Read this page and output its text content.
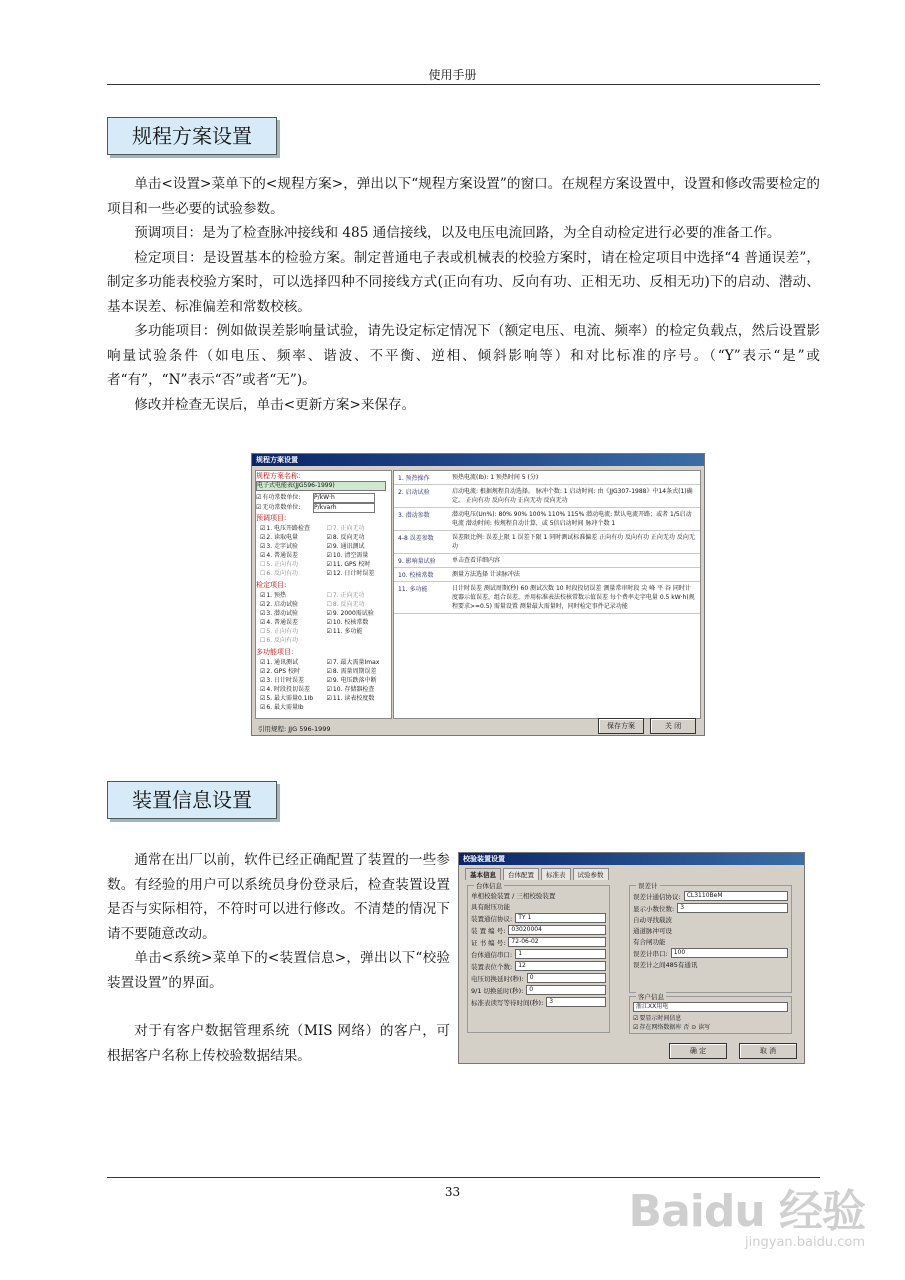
使用手册
规程方案设置

单击<设置>菜单下的<规程方案>，弹出以下“规程方案设置”的窗口。在规程方案设置中，设置和修改需要检定的项目和一些必要的试验参数。

预调项目：是为了检查脉冲接线和 485 通信接线，以及电压电流回路，为全自动检定进行必要的准备工作。

检定项目：是设置基本的检验方案。制定普通电子表或机械表的校验方案时，请在检定项目中选择“4 普通误差”，制定多功能表校验方案时，可以选择四种不同接线方式(正向有功、反向有功、正相无功、反相无功)下的启动、潜动、基本误差、标准偏差和常数校核。

多功能项目：例如做误差影响量试验，请先设定标定情况下（额定电压、电流、频率）的检定负载点，然后设置影响量试验条件（如电压、频率、谐波、不平衡、逆相、倾斜影响等）和对比标准的序号。（“Y”表示“是”或者“有”，“N”表示“否”或者“无”)。

修改并检查无误后，单击<更新方案>来保存。

规程方案设置
规程方案名称:
电子式电能表(JJG596-1999)
☑ 有功常数单位:	P/kW·h
☑ 无功常数单位:	P/kvarh
预调项目:
☑ 1. 电压开路检查	☐ 7. 正向无功
☑ 2. 读取电量	☑ 8. 反向无功
☑ 3. 走字试验	☑ 9. 通讯测试
☑ 4. 普通误差	☑ 10. 清空需量
☐ 5. 正向有功	☑ 11. GPS 校时
☐ 6. 反向有功	☑ 12. 日计时误差
检定项目:
☑ 1. 预热	☐ 7. 正向无功
☑ 2. 启动试验	☐ 8. 反向无功
☑ 3. 潜动试验	☑ 9. 2000需试验
☑ 4. 普通误差	☑ 10. 校核常数
☐ 5. 正向有功	☑ 11. 多功能
☐ 6. 反向有功
多功能项目:
☑ 1. 通讯测试	☑ 7. 最大需量Imax
☑ 2. GPS 校时	☑ 8. 需量周期误差
☑ 3. 日计时误差	☑ 9. 电压跌落中断
☑ 4. 时段投切误差	☑ 10. 存储器检查
☑ 5. 最大需量0.1Ib	☑ 11. 读表校度数
☑ 6. 最大需量Ib
1. 预热操作	预热电流(Ib): 1 预热时间 5 (分)
2. 启动试验	启动电流: 根据规程自动选择。 脉冲个数: 1 启动时间: 由《JJG307-1988》中14条式(1)确定。 正向有功 反向有功 正向无功 反向无功
3. 潜动参数	潜动电压(Un%): 80% 90% 100% 110% 115% 潜动电流: 默认电流开路；或者 1/5启动电流 潜动时间: 按规程自动计算，或 5倍启动时间 脉冲个数 1
4-8 误差参数	误差限比例: 误差上限 1 误差下限 1 同时测试标准偏差 正向有功 反向有功 正向无功 反向无功
9. 影响量试验	单击查看详细内容
10. 校核常数	测量方法选择 计读脉冲法
11. 多功能	日计时误差 测试周期(秒) 60 测试次数 10 时段投切误差 测量常审时段 尖 峰 平 谷 同时计度器示值误差，组合误差，并用标准表法校核常数示值误差 每个费率走字电量 0.5 kW·h(规程要求>=0.5) 需量设置 测量最大需量时，同时检定事件记录功能
引用规程: JJG 596-1999	保存方案	关 闭
装置信息设置

通常在出厂以前，软件已经正确配置了装置的一些参数。有经验的用户可以系统员身份登录后，检查装置设置是否与实际相符，不符时可以进行修改。不清楚的情况下请不要随意改动。

单击<系统>菜单下的<装置信息>，弹出以下“校验装置设置”的界面。

对于有客户数据管理系统（MIS 网络）的客户，可根据客户名称上传校验数据结果。

校验装置设置
基本信息	台体配置	标准表	试验参数
台体信息
单相校验装置 / 三相校验装置
具有耐压功能
装置通信协议:	TY 1
装 置 编 号:	03020004
证 书 编 号:	72-06-02
台体通信串口:	1
装置表位个数:	12
电压切换延时(秒):	0
9/1 切换延时(秒):	0
标准表读写等待时间(秒):	3
误差计
误差计通信协议:	CL3110BeM
显示小数位数:	3
自动寻找载波
通道脉冲可设
有合闸功能
误差计串口:	100
误差计之间485有通讯
客户信息
浙江XX用电
☑ 要显示时间信息
☑ 存在网络数据库 否 ⊙ 读写
确 定	取 消
33	Baidu 经验
jingyan.baidu.com
